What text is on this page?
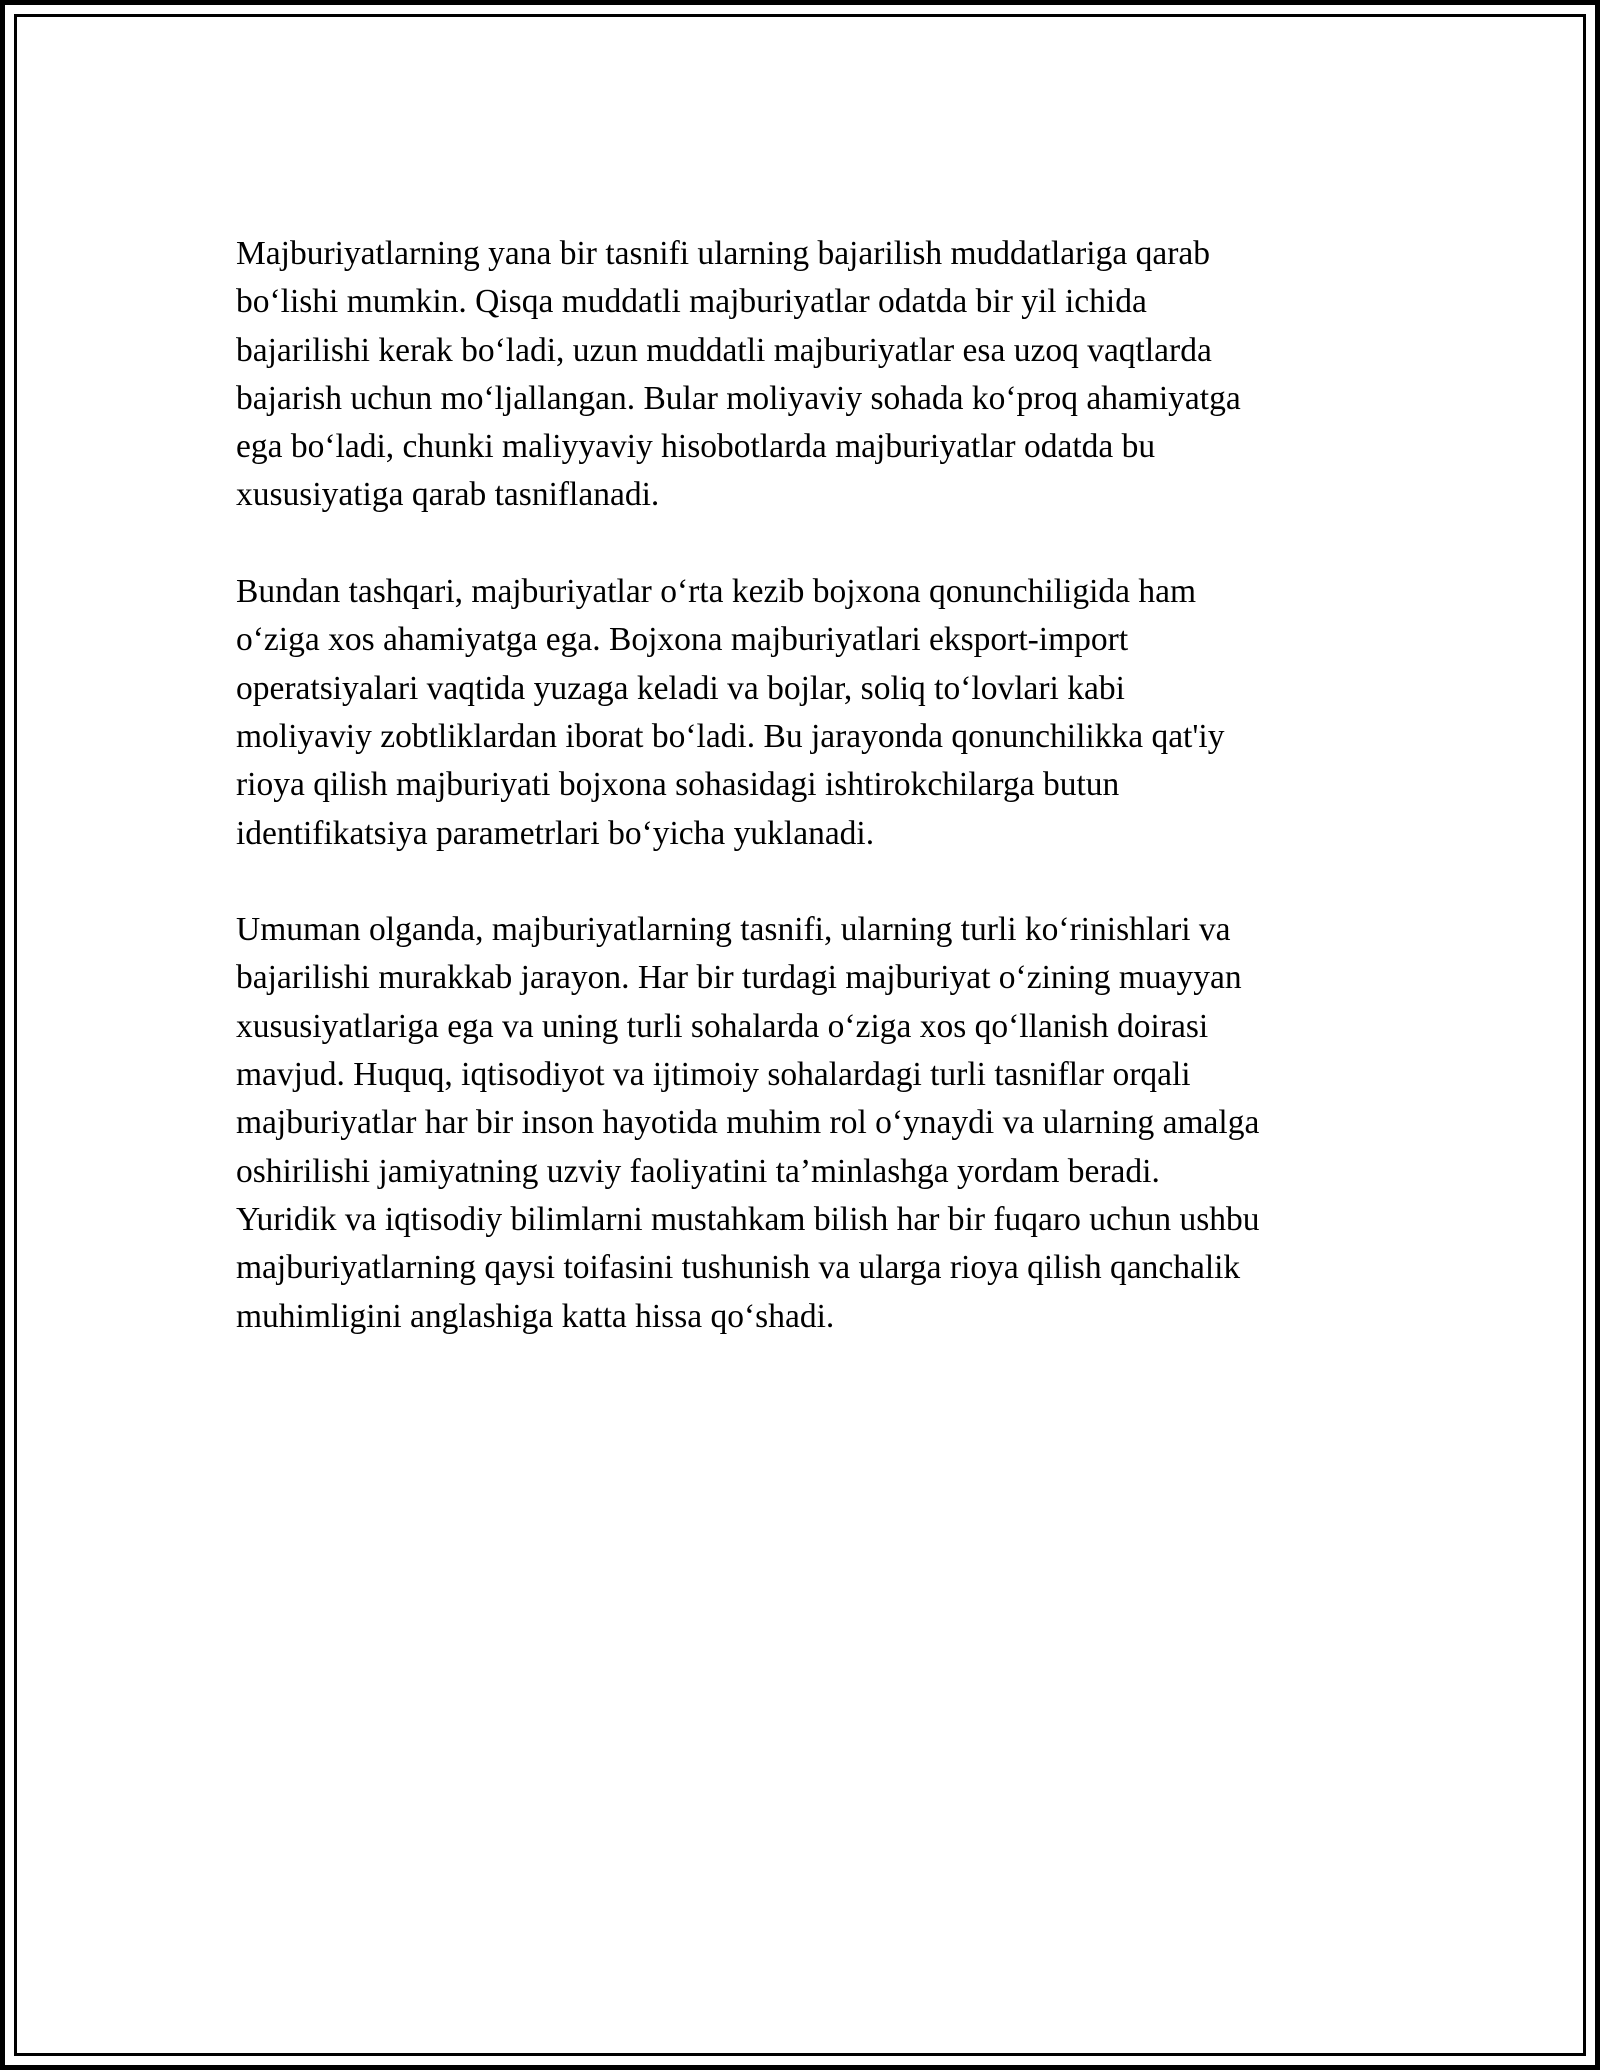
Majburiyatlarning yana bir tasnifi ularning bajarilish muddatlariga qarab
bo‘lishi mumkin. Qisqa muddatli majburiyatlar odatda bir yil ichida
bajarilishi kerak bo‘ladi, uzun muddatli majburiyatlar esa uzoq vaqtlarda
bajarish uchun mo‘ljallangan. Bular moliyaviy sohada ko‘proq ahamiyatga
ega bo‘ladi, chunki maliyyaviy hisobotlarda majburiyatlar odatda bu
xususiyatiga qarab tasniflanadi.

Bundan tashqari, majburiyatlar o‘rta kezib bojxona qonunchiligida ham
o‘ziga xos ahamiyatga ega. Bojxona majburiyatlari eksport-import
operatsiyalari vaqtida yuzaga keladi va bojlar, soliq to‘lovlari kabi
moliyaviy zobtliklardan iborat bo‘ladi. Bu jarayonda qonunchilikka qat'iy
rioya qilish majburiyati bojxona sohasidagi ishtirokchilarga butun
identifikatsiya parametrlari bo‘yicha yuklanadi.

Umuman olganda, majburiyatlarning tasnifi, ularning turli ko‘rinishlari va
bajarilishi murakkab jarayon. Har bir turdagi majburiyat o‘zining muayyan
xususiyatlariga ega va uning turli sohalarda o‘ziga xos qo‘llanish doirasi
mavjud. Huquq, iqtisodiyot va ijtimoiy sohalardagi turli tasniflar orqali
majburiyatlar har bir inson hayotida muhim rol o‘ynaydi va ularning amalga
oshirilishi jamiyatning uzviy faoliyatini ta’minlashga yordam beradi.
Yuridik va iqtisodiy bilimlarni mustahkam bilish har bir fuqaro uchun ushbu
majburiyatlarning qaysi toifasini tushunish va ularga rioya qilish qanchalik
muhimligini anglashiga katta hissa qo‘shadi.
